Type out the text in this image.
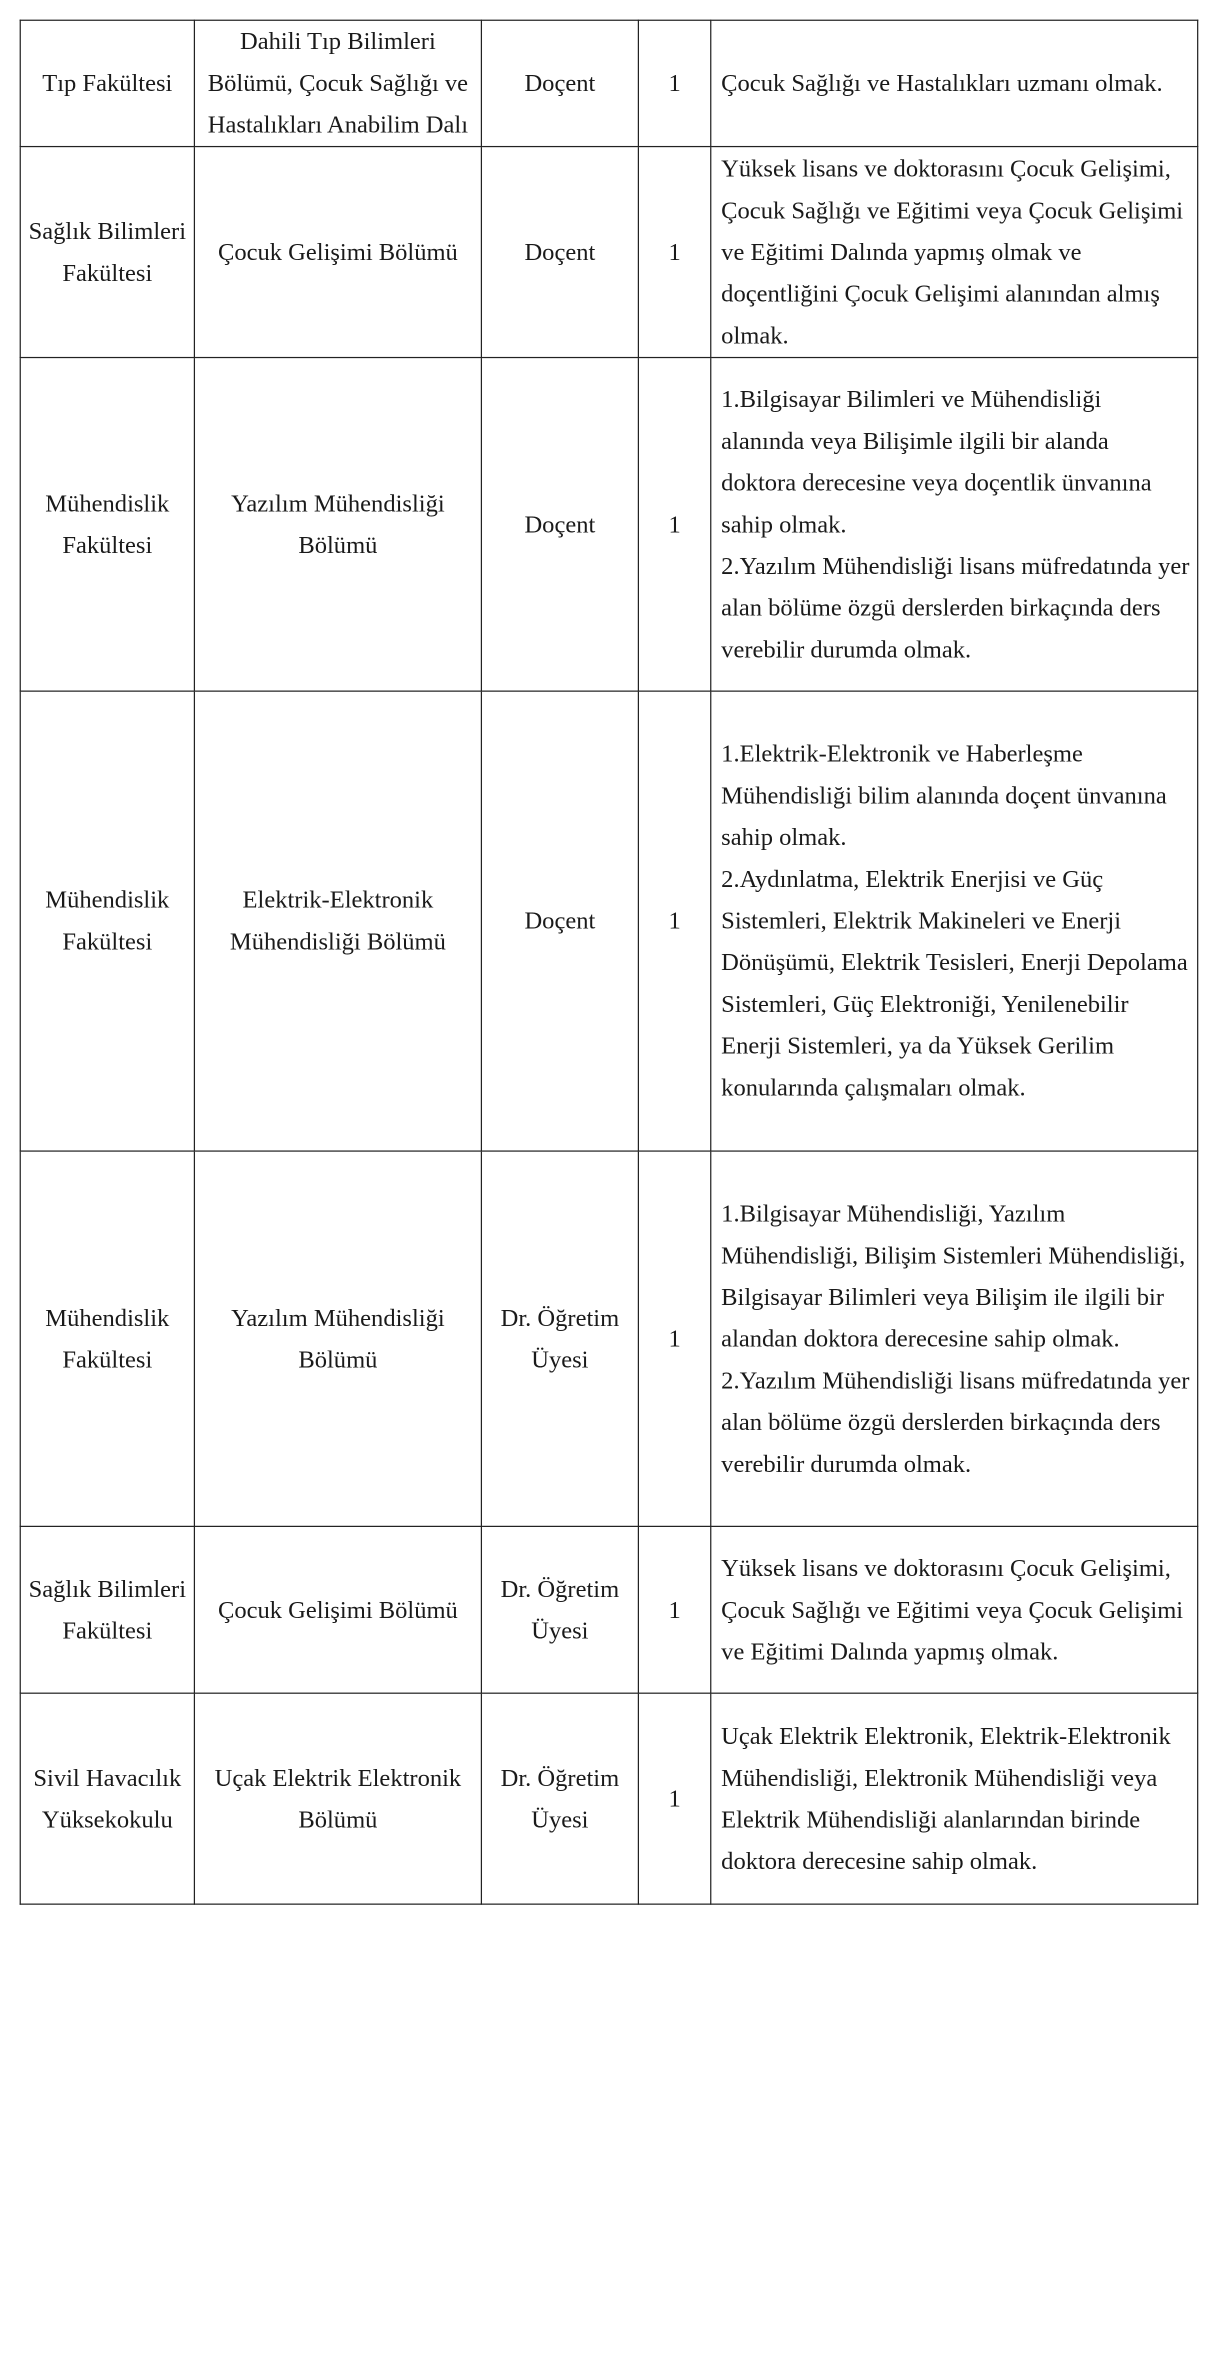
Tıp Fakültesi	Dahili Tıp Bilimleri Bölümü, Çocuk Sağlığı ve Hastalıkları Anabilim Dalı	Doçent	1	Çocuk Sağlığı ve Hastalıkları uzmanı olmak.

Sağlık Bilimleri Fakültesi	Çocuk Gelişimi Bölümü	Doçent	1	Yüksek lisans ve doktorasını Çocuk Gelişimi, Çocuk Sağlığı ve Eğitimi veya Çocuk Gelişimi ve Eğitimi Dalında yapmış olmak ve doçentliğini Çocuk Gelişimi alanından almış olmak.

Mühendislik Fakültesi	Yazılım Mühendisliği Bölümü	Doçent	1	1.Bilgisayar Bilimleri ve Mühendisliği alanında veya Bilişimle ilgili bir alanda doktora derecesine veya doçentlik ünvanına sahip olmak.
2.Yazılım Mühendisliği lisans müfredatında yer alan bölüme özgü derslerden birkaçında ders verebilir durumda olmak.

Mühendislik Fakültesi	Elektrik-Elektronik Mühendisliği Bölümü	Doçent	1	1.Elektrik-Elektronik ve Haberleşme Mühendisliği bilim alanında doçent ünvanına sahip olmak.
2.Aydınlatma, Elektrik Enerjisi ve Güç Sistemleri, Elektrik Makineleri ve Enerji Dönüşümü, Elektrik Tesisleri, Enerji Depolama Sistemleri, Güç Elektroniği, Yenilenebilir Enerji Sistemleri, ya da Yüksek Gerilim konularında çalışmaları olmak.

Mühendislik Fakültesi	Yazılım Mühendisliği Bölümü	Dr. Öğretim Üyesi	1	1.Bilgisayar Mühendisliği, Yazılım Mühendisliği, Bilişim Sistemleri Mühendisliği, Bilgisayar Bilimleri veya Bilişim ile ilgili bir alandan doktora derecesine sahip olmak.
2.Yazılım Mühendisliği lisans müfredatında yer alan bölüme özgü derslerden birkaçında ders verebilir durumda olmak.

Sağlık Bilimleri Fakültesi	Çocuk Gelişimi Bölümü	Dr. Öğretim Üyesi	1	Yüksek lisans ve doktorasını Çocuk Gelişimi, Çocuk Sağlığı ve Eğitimi veya Çocuk Gelişimi ve Eğitimi Dalında yapmış olmak.

Sivil Havacılık Yüksekokulu	Uçak Elektrik Elektronik Bölümü	Dr. Öğretim Üyesi	1	Uçak Elektrik Elektronik, Elektrik-Elektronik Mühendisliği, Elektronik Mühendisliği veya Elektrik Mühendisliği alanlarından birinde doktora derecesine sahip olmak.
